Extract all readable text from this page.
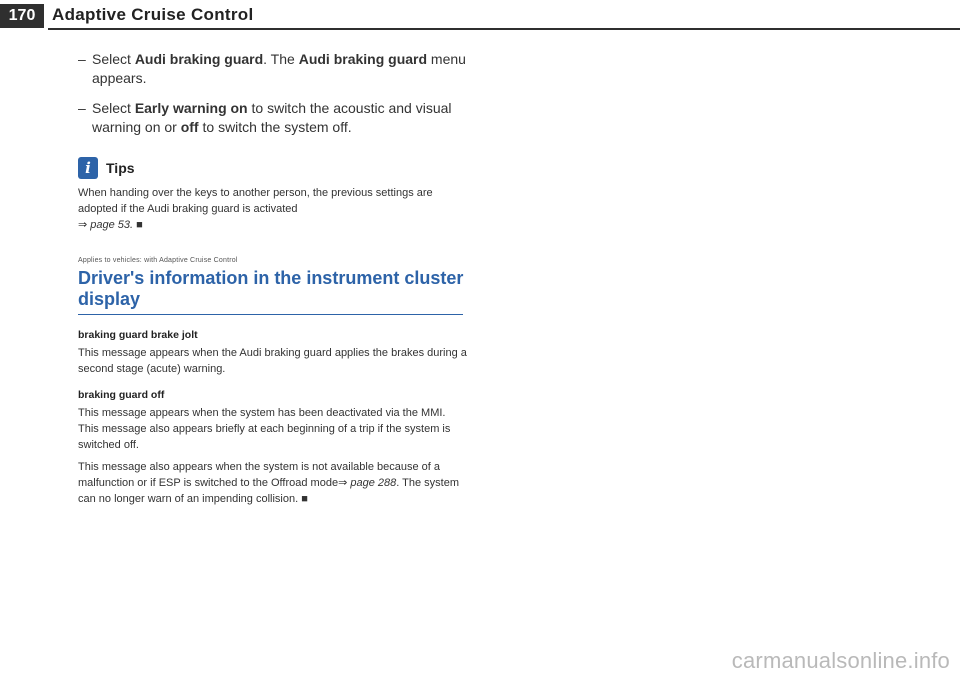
170 Adaptive Cruise Control

– Select Audi braking guard. The Audi braking guard menu appears.

– Select Early warning on to switch the acoustic and visual warning on or off to switch the system off.

i	Tips
When handing over the keys to another person, the previous settings are adopted if the Audi braking guard is activated
⇒ page 53. ■
Applies to vehicles: with Adaptive Cruise Control
Driver's information in the instrument cluster display
braking guard brake jolt

This message appears when the Audi braking guard applies the brakes during a second stage (acute) warning.

braking guard off

This message appears when the system has been deactivated via the MMI. This message also appears briefly at each beginning of a trip if the system is switched off.

This message also appears when the system is not available because of a malfunction or if ESP is switched to the Offroad mode⇒ page 288. The system can no longer warn of an impending collision. ■

carmanualsonline.info
